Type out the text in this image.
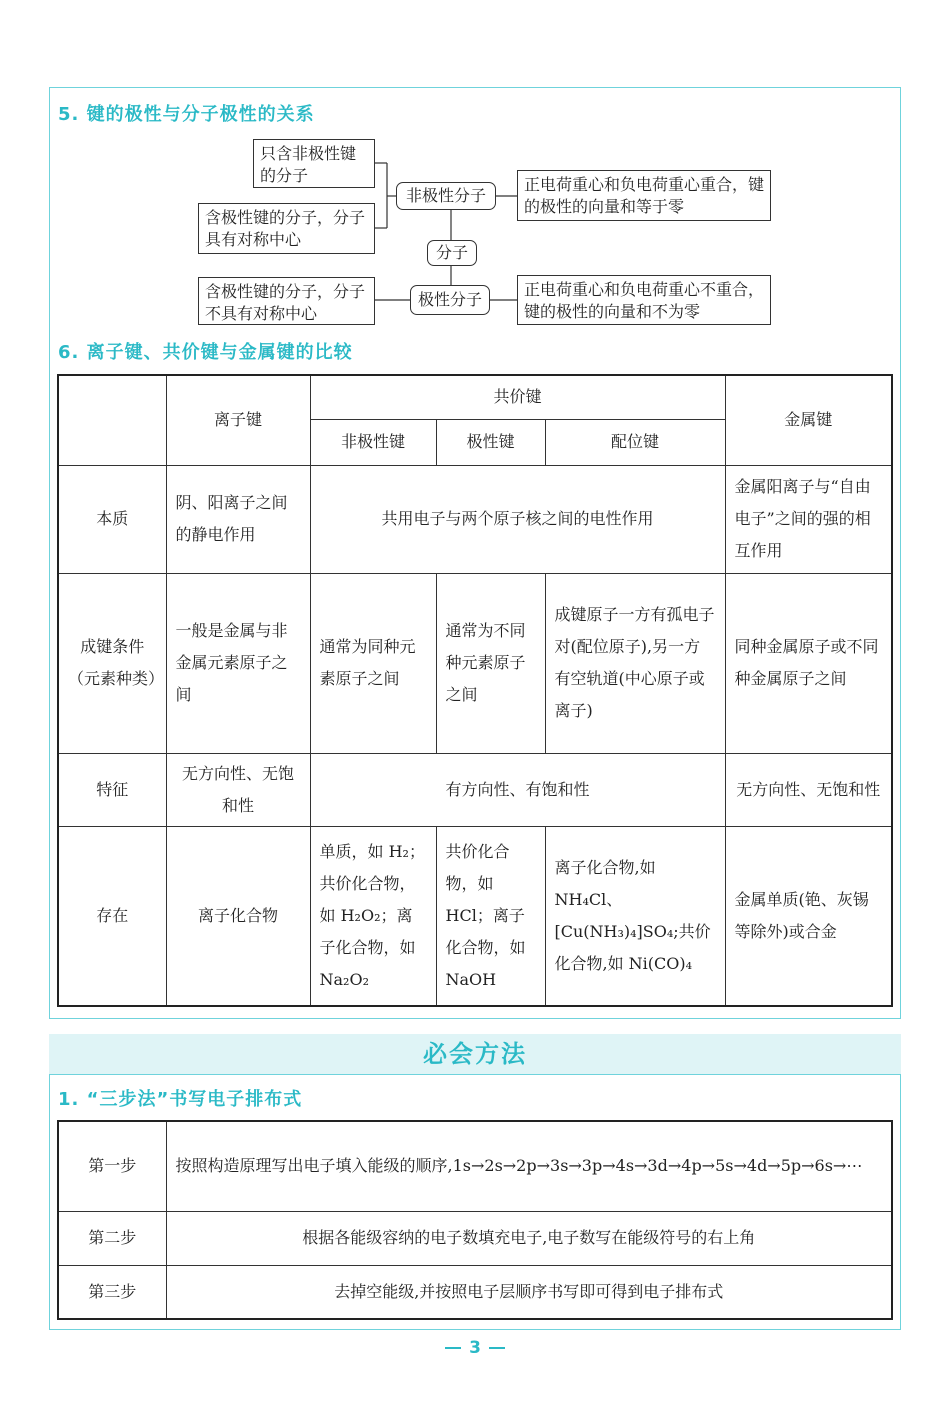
5. 键的极性与分子极性的关系
只含非极性键的分子
含极性键的分子，分子具有对称中心
含极性键的分子，分子不具有对称中心
非极性分子
分子
极性分子
正电荷重心和负电荷重心重合，键的极性的向量和等于零
正电荷重心和负电荷重心不重合，键的极性的向量和不为零
6. 离子键、共价键与金属键的比较
	离子键	共价键			金属键
		非极性键	极性键	配位键	
本质	阴、阳离子之间的静电作用	共用电子与两个原子核之间的电性作用			金属阳离子与“自由电子”之间的强的相互作用
成键条件（元素种类）	一般是金属与非金属元素原子之间	通常为同种元素原子之间	通常为不同种元素原子之间	成键原子一方有孤电子对(配位原子),另一方有空轨道(中心原子或离子)	同种金属原子或不同种金属原子之间
特征	无方向性、无饱和性	有方向性、有饱和性			无方向性、无饱和性
存在	离子化合物	单质，如 H₂；共价化合物，如 H₂O₂；离子化合物，如 Na₂O₂	共价化合物，如 HCl；离子化合物，如 NaOH	离子化合物,如 NH₄Cl、[Cu(NH₃)₄]SO₄;共价化合物,如 Ni(CO)₄	金属单质(铯、灰锡等除外)或合金
必会方法
1. “三步法”书写电子排布式
第一步	按照构造原理写出电子填入能级的顺序,1s→2s→2p→3s→3p→4s→3d→4p→5s→4d→5p→6s→⋯
第二步	根据各能级容纳的电子数填充电子,电子数写在能级符号的右上角
第三步	去掉空能级,并按照电子层顺序书写即可得到电子排布式
3
